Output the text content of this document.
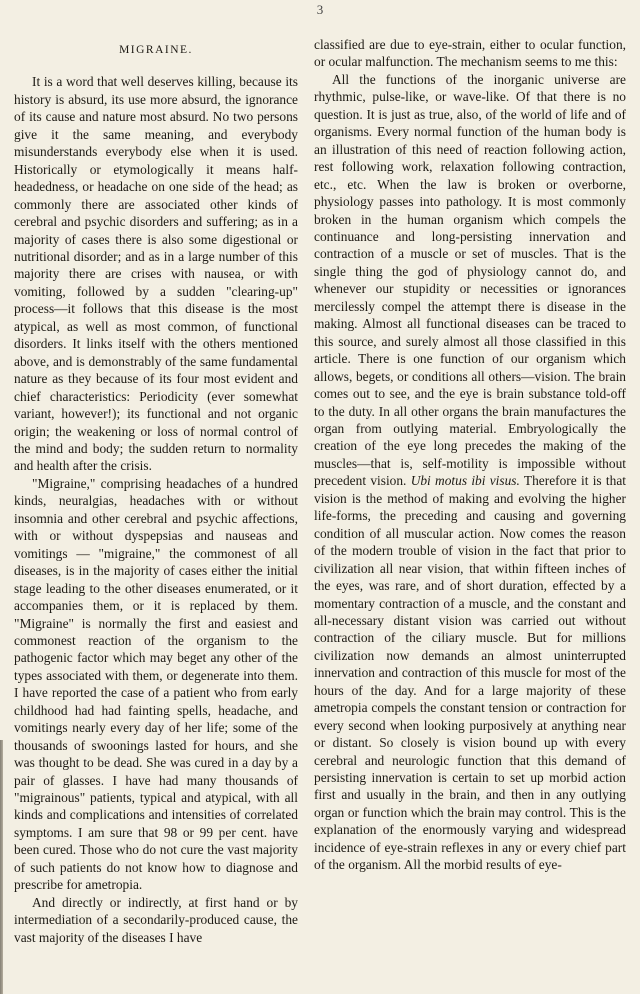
3
MIGRAINE.

It is a word that well deserves killing, because its history is absurd, its use more absurd, the ignorance of its cause and nature most absurd. No two persons give it the same meaning, and everybody misunderstands everybody else when it is used. Historically or etymologically it means half-headedness, or headache on one side of the head; as commonly there are associated other kinds of cerebral and psychic disorders and suffering; as in a majority of cases there is also some digestional or nutritional disorder; and as in a large number of this majority there are crises with nausea, or with vomiting, followed by a sudden "clearing-up" process—it follows that this disease is the most atypical, as well as most common, of functional disorders. It links itself with the others mentioned above, and is demonstrably of the same fundamental nature as they because of its four most evident and chief characteristics: Periodicity (ever somewhat variant, however!); its functional and not organic origin; the weakening or loss of normal control of the mind and body; the sudden return to normality and health after the crisis.

"Migraine," comprising headaches of a hundred kinds, neuralgias, headaches with or without insomnia and other cerebral and psychic affections, with or without dyspepsias and nauseas and vomitings — "migraine," the commonest of all diseases, is in the majority of cases either the initial stage leading to the other diseases enumerated, or it accompanies them, or it is replaced by them. "Migraine" is normally the first and easiest and commonest reaction of the organism to the pathogenic factor which may beget any other of the types associated with them, or degenerate into them. I have reported the case of a patient who from early childhood had had fainting spells, headache, and vomitings nearly every day of her life; some of the thousands of swoonings lasted for hours, and she was thought to be dead. She was cured in a day by a pair of glasses. I have had many thousands of "migrainous" patients, typical and atypical, with all kinds and complications and intensities of correlated symptoms. I am sure that 98 or 99 per cent. have been cured. Those who do not cure the vast majority of such patients do not know how to diagnose and prescribe for ametropia.

And directly or indirectly, at first hand or by intermediation of a secondarily-produced cause, the vast majority of the diseases I have

classified are due to eye-strain, either to ocular function, or ocular malfunction. The mechanism seems to me this:

All the functions of the inorganic universe are rhythmic, pulse-like, or wave-like. Of that there is no question. It is just as true, also, of the world of life and of organisms. Every normal function of the human body is an illustration of this need of reaction following action, rest following work, relaxation following contraction, etc., etc. When the law is broken or overborne, physiology passes into pathology. It is most commonly broken in the human organism which compels the continuance and long-persisting innervation and contraction of a muscle or set of muscles. That is the single thing the god of physiology cannot do, and whenever our stupidity or necessities or ignorances mercilessly compel the attempt there is disease in the making. Almost all functional diseases can be traced to this source, and surely almost all those classified in this article. There is one function of our organism which allows, begets, or conditions all others—vision. The brain comes out to see, and the eye is brain substance told-off to the duty. In all other organs the brain manufactures the organ from outlying material. Embryologically the creation of the eye long precedes the making of the muscles—that is, self-motility is impossible without precedent vision. Ubi motus ibi visus. Therefore it is that vision is the method of making and evolving the higher life-forms, the preceding and causing and governing condition of all muscular action. Now comes the reason of the modern trouble of vision in the fact that prior to civilization all near vision, that within fifteen inches of the eyes, was rare, and of short duration, effected by a momentary contraction of a muscle, and the constant and all-necessary distant vision was carried out without contraction of the ciliary muscle. But for millions civilization now demands an almost uninterrupted innervation and contraction of this muscle for most of the hours of the day. And for a large majority of these ametropia compels the constant tension or contraction for every second when looking purposively at anything near or distant. So closely is vision bound up with every cerebral and neurologic function that this demand of persisting innervation is certain to set up morbid action first and usually in the brain, and then in any outlying organ or function which the brain may control. This is the explanation of the enormously varying and widespread incidence of eye-strain reflexes in any or every chief part of the organism. All the morbid results of eye-
